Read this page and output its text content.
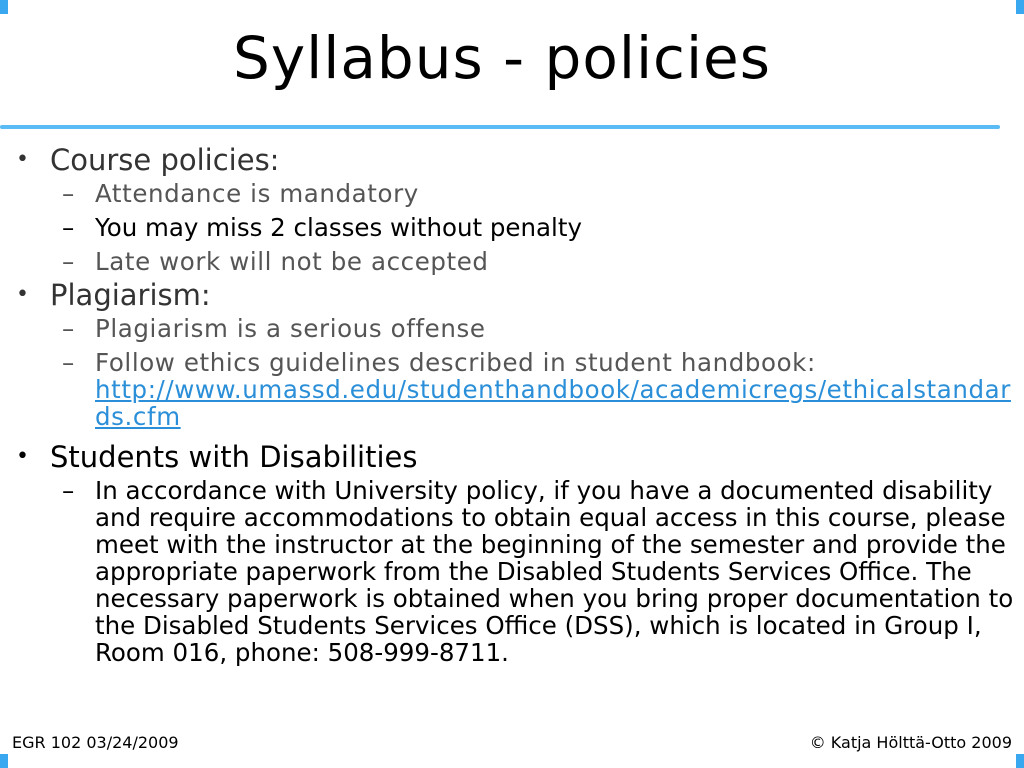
Syllabus - policies
• Course policies:
– Attendance is mandatory
– You may miss 2 classes without penalty
– Late work will not be accepted
• Plagiarism:
– Plagiarism is a serious offense
– Follow ethics guidelines described in student handbook:
http://www.umassd.edu/studenthandbook/academicregs/ethicalstandards.cfm
• Students with Disabilities
– In accordance with University policy, if you have a documented disability and require accommodations to obtain equal access in this course, please meet with the instructor at the beginning of the semester and provide the appropriate paperwork from the Disabled Students Services Office. The necessary paperwork is obtained when you bring proper documentation to the Disabled Students Services Office (DSS), which is located in Group I, Room 016, phone: 508-999-8711.
EGR 102 03/24/2009	© Katja Hölttä-Otto 2009
